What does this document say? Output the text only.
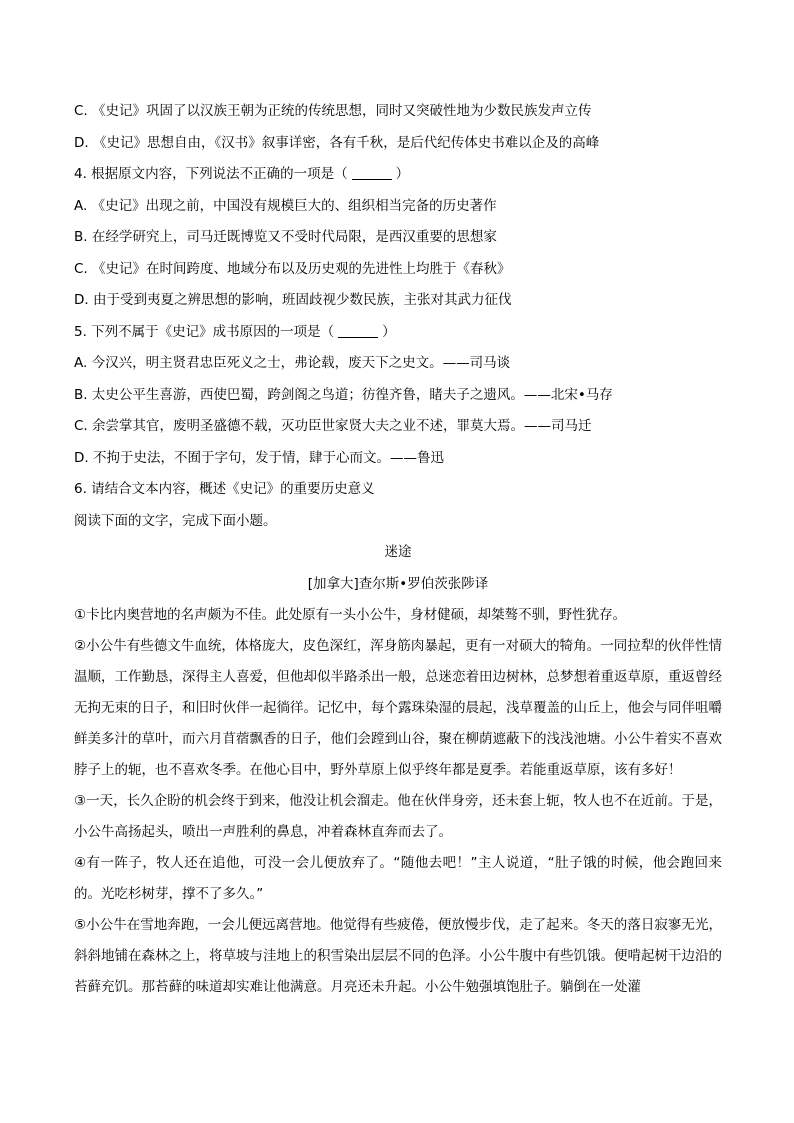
C. 《史记》巩固了以汉族王朝为正统的传统思想，同时又突破性地为少数民族发声立传
D. 《史记》思想自由，《汉书》叙事详密，各有千秋，是后代纪传体史书难以企及的高峰
4. 根据原文内容，下列说法不正确的一项是（	）
A. 《史记》出现之前，中国没有规模巨大的、组织相当完备的历史著作
B. 在经学研究上，司马迁既博览又不受时代局限，是西汉重要的思想家
C. 《史记》在时间跨度、地域分布以及历史观的先进性上均胜于《春秋》
D. 由于受到夷夏之辨思想的影响，班固歧视少数民族，主张对其武力征伐
5. 下列不属于《史记》成书原因的一项是（	）
A. 今汉兴，明主贤君忠臣死义之士，弗论载，废天下之史文。——司马谈
B. 太史公平生喜游，西使巴蜀，跨剑阁之鸟道；彷徨齐鲁，睹夫子之遗风。——北宋•马存
C. 余尝掌其官，废明圣盛德不载，灭功臣世家贤大夫之业不述，罪莫大焉。——司马迁
D. 不拘于史法，不囿于字句，发于情，肆于心而文。——鲁迅
6. 请结合文本内容，概述《史记》的重要历史意义
阅读下面的文字，完成下面小题。
迷途
[加拿大]查尔斯•罗伯茨张陟译

①卡比内奥营地的名声颇为不佳。此处原有一头小公牛，身材健硕，却桀骜不驯，野性犹存。

②小公牛有些德文牛血统，体格庞大，皮色深红，浑身筋肉暴起，更有一对硕大的犄角。一同拉犁的伙伴性情温顺，工作勤恳，深得主人喜爱，但他却似半路杀出一般，总迷恋着田边树林，总梦想着重返草原，重返曾经无拘无束的日子，和旧时伙伴一起徜徉。记忆中，每个露珠染湿的晨起，浅草覆盖的山丘上，他会与同伴咀嚼鲜美多汁的草叶，而六月苜蓿飘香的日子，他们会蹚到山谷，聚在柳荫遮蔽下的浅浅池塘。小公牛着实不喜欢脖子上的轭，也不喜欢冬季。在他心目中，野外草原上似乎终年都是夏季。若能重返草原，该有多好！

③一天，长久企盼的机会终于到来，他没让机会溜走。他在伙伴身旁，还未套上轭，牧人也不在近前。于是，小公牛高扬起头，喷出一声胜利的鼻息，冲着森林直奔而去了。

④有一阵子，牧人还在追他，可没一会儿便放弃了。“随他去吧！”主人说道，“肚子饿的时候，他会跑回来的。光吃杉树芽，撑不了多久。”

⑤小公牛在雪地奔跑，一会儿便远离营地。他觉得有些疲倦，便放慢步伐，走了起来。冬天的落日寂寥无光，斜斜地铺在森林之上，将草坡与洼地上的积雪染出层层不同的色泽。小公牛腹中有些饥饿。便啃起树干边沿的苔藓充饥。那苔藓的味道却实难让他满意。月亮还未升起。小公牛勉强填饱肚子。躺倒在一处灌
